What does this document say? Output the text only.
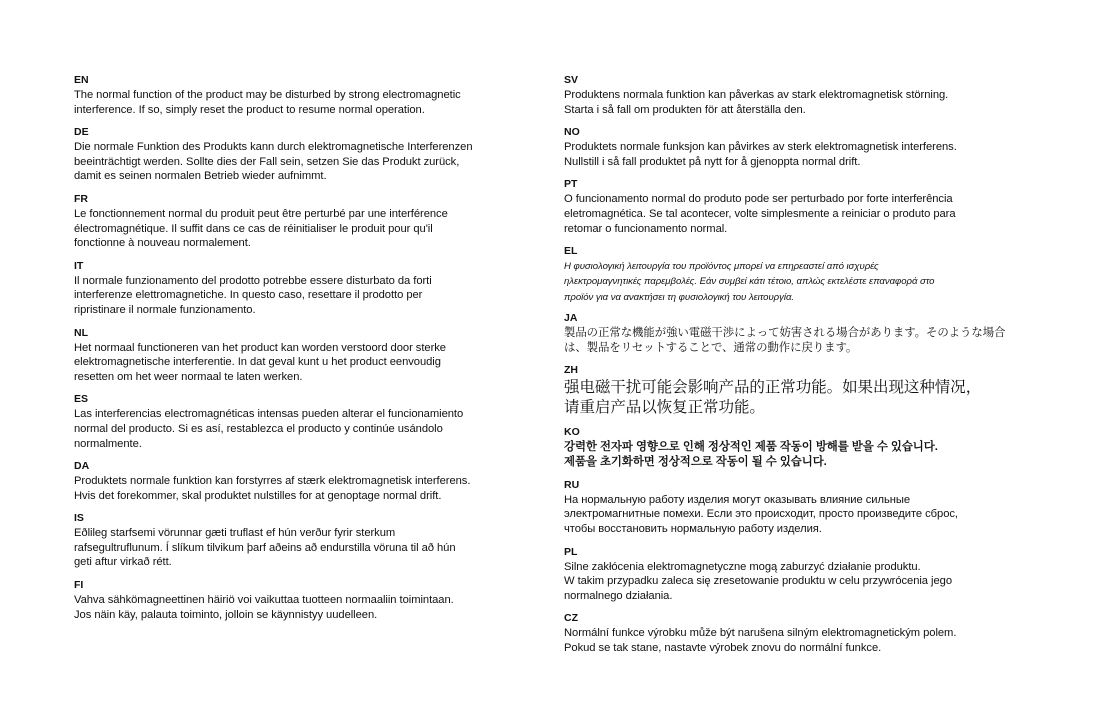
EN
The normal function of the product may be disturbed by strong electromagnetic
interference. If so, simply reset the product to resume normal operation.
DE
Die normale Funktion des Produkts kann durch elektromagnetische Interferenzen
beeinträchtigt werden. Sollte dies der Fall sein, setzen Sie das Produkt zurück,
damit es seinen normalen Betrieb wieder aufnimmt.
FR
Le fonctionnement normal du produit peut être perturbé par une interférence
électromagnétique. Il suffit dans ce cas de réinitialiser le produit pour qu'il
fonctionne à nouveau normalement.
IT
Il normale funzionamento del prodotto potrebbe essere disturbato da forti
interferenze elettromagnetiche. In questo caso, resettare il prodotto per
ripristinare il normale funzionamento.
NL
Het normaal functioneren van het product kan worden verstoord door sterke
elektromagnetische interferentie. In dat geval kunt u het product eenvoudig
resetten om het weer normaal te laten werken.
ES
Las interferencias electromagnéticas intensas pueden alterar el funcionamiento
normal del producto. Si es así, restablezca el producto y continúe usándolo
normalmente.
DA
Produktets normale funktion kan forstyrres af stærk elektromagnetisk interferens.
Hvis det forekommer, skal produktet nulstilles for at genoptage normal drift.
IS
Eðlileg starfsemi vörunnar gæti truflast ef hún verður fyrir sterkum
rafsegultruflunum. Í slíkum tilvikum þarf aðeins að endurstilla vöruna til að hún
geti aftur virkað rétt.
FI
Vahva sähkömagneettinen häiriö voi vaikuttaa tuotteen normaaliin toimintaan.
Jos näin käy, palauta toiminto, jolloin se käynnistyy uudelleen.
SV
Produktens normala funktion kan påverkas av stark elektromagnetisk störning.
Starta i så fall om produkten för att återställa den.
NO
Produktets normale funksjon kan påvirkes av sterk elektromagnetisk interferens.
Nullstill i så fall produktet på nytt for å gjenoppta normal drift.
PT
O funcionamento normal do produto pode ser perturbado por forte interferência
eletromagnética. Se tal acontecer, volte simplesmente a reiniciar o produto para
retomar o funcionamento normal.
EL
Η φυσιολογική λειτουργία του προϊόντος μπορεί να επηρεαστεί από ισχυρές
ηλεκτρομαγνητικές παρεμβολές. Εάν συμβεί κάτι τέτοιο, απλώς εκτελέστε επαναφορά στο
προϊόν για να ανακτήσει τη φυσιολογική του λειτουργία.
JA
製品の正常な機能が強い電磁干渉によって妨害される場合があります。そのような場合
は、製品をリセットすることで、通常の動作に戻ります。
ZH
强电磁干扰可能会影响产品的正常功能。如果出现这种情况，
请重启产品以恢复正常功能。
KO
강력한 전자파 영향으로 인해 정상적인 제품 작동이 방해를 받을 수 있습니다.
제품을 초기화하면 정상적으로 작동이 될 수 있습니다.
RU
На нормальную работу изделия могут оказывать влияние сильные
электромагнитные помехи. Если это происходит, просто произведите сброс,
чтобы восстановить нормальную работу изделия.
PL
Silne zakłócenia elektromagnetyczne mogą zaburzyć działanie produktu.
W takim przypadku zaleca się zresetowanie produktu w celu przywrócenia jego
normalnego działania.
CZ
Normální funkce výrobku může být narušena silným elektromagnetickým polem.
Pokud se tak stane, nastavte výrobek znovu do normální funkce.
